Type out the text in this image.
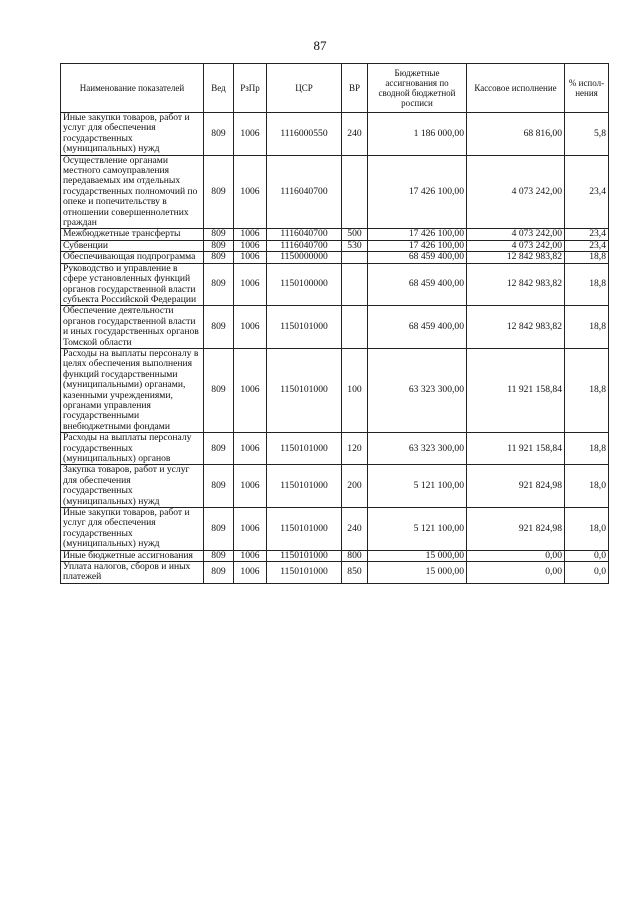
87
Наименование показателей	Вед	РзПр	ЦСР	ВР	Бюджетные ассигнования по сводной бюджетной росписи	Кассовое исполнение	% испол-нения
Иные закупки товаров, работ и услуг для обеспечения государственных (муниципальных) нужд	809	1006	1116000550	240	1 186 000,00	68 816,00	5,8
Осуществление органами местного самоуправления передаваемых им отдельных государственных полномочий по опеке и попечительству в отношении совершеннолетних граждан	809	1006	1116040700		17 426 100,00	4 073 242,00	23,4
Межбюджетные трансферты	809	1006	1116040700	500	17 426 100,00	4 073 242,00	23,4
Субвенции	809	1006	1116040700	530	17 426 100,00	4 073 242,00	23,4
Обеспечивающая подпрограмма	809	1006	1150000000		68 459 400,00	12 842 983,82	18,8
Руководство и управление в сфере установленных функций органов государственной власти субъекта Российской Федерации	809	1006	1150100000		68 459 400,00	12 842 983,82	18,8
Обеспечение деятельности органов государственной власти и иных государственных органов Томской области	809	1006	1150101000		68 459 400,00	12 842 983,82	18,8
Расходы на выплаты персоналу в целях обеспечения выполнения функций государственными (муниципальными) органами, казенными учреждениями, органами управления государственными внебюджетными фондами	809	1006	1150101000	100	63 323 300,00	11 921 158,84	18,8
Расходы на выплаты персоналу государственных (муниципальных) органов	809	1006	1150101000	120	63 323 300,00	11 921 158,84	18,8
Закупка товаров, работ и услуг для обеспечения государственных (муниципальных) нужд	809	1006	1150101000	200	5 121 100,00	921 824,98	18,0
Иные закупки товаров, работ и услуг для обеспечения государственных (муниципальных) нужд	809	1006	1150101000	240	5 121 100,00	921 824,98	18,0
Иные бюджетные ассигнования	809	1006	1150101000	800	15 000,00	0,00	0,0
Уплата налогов, сборов и иных платежей	809	1006	1150101000	850	15 000,00	0,00	0,0
